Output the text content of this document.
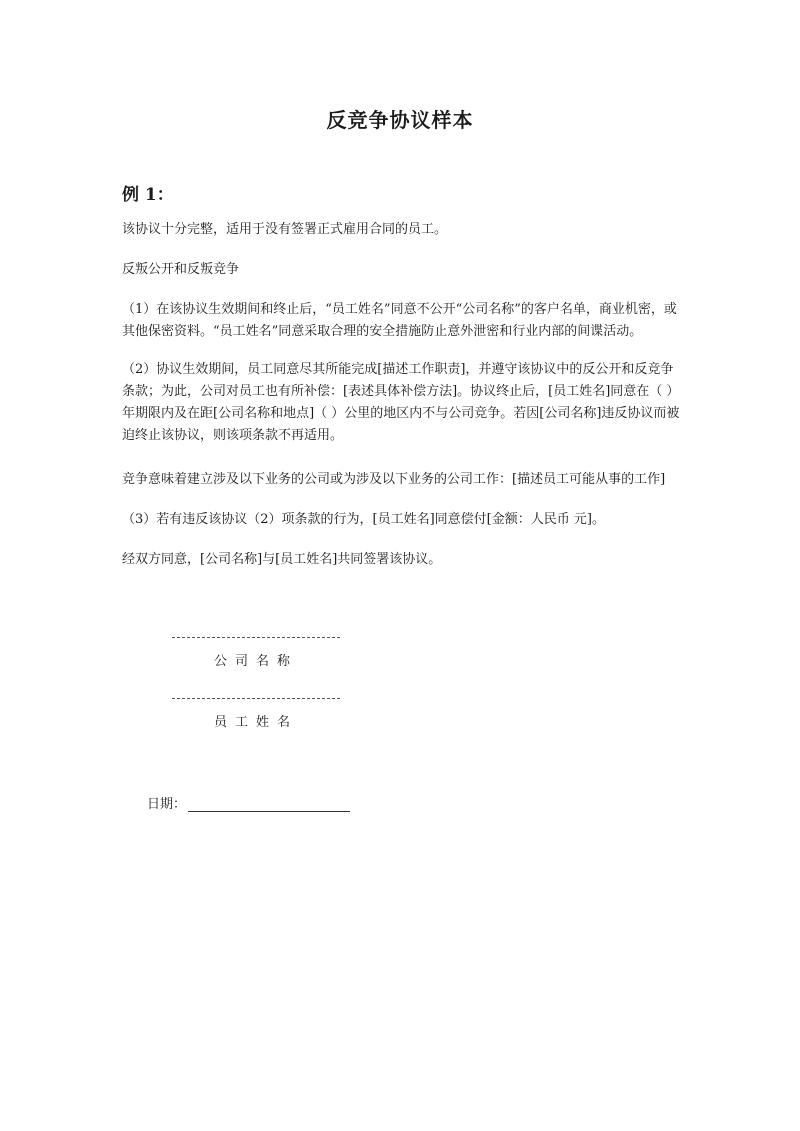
反竞争协议样本
例 1：

该协议十分完整，适用于没有签署正式雇用合同的员工。

反叛公开和反叛竞争

（1）在该协议生效期间和终止后，“员工姓名”同意不公开“公司名称”的客户名单，商业机密，或其他保密资料。“员工姓名”同意采取合理的安全措施防止意外泄密和行业内部的间谍活动。

（2）协议生效期间，员工同意尽其所能完成[描述工作职责]，并遵守该协议中的反公开和反竞争条款；为此，公司对员工也有所补偿：[表述具体补偿方法]。协议终止后，[员工姓名]同意在（ ）年期限内及在距[公司名称和地点]（ ）公里的地区内不与公司竞争。若因[公司名称]违反协议而被迫终止该协议，则该项条款不再适用。

竞争意味着建立涉及以下业务的公司或为涉及以下业务的公司工作：[描述员工可能从事的工作]

（3）若有违反该协议（2）项条款的行为，[员工姓名]同意偿付[金额：人民币 元]。

经双方同意，[公司名称]与[员工姓名]共同签署该协议。

公司名称
员工姓名
日期：
